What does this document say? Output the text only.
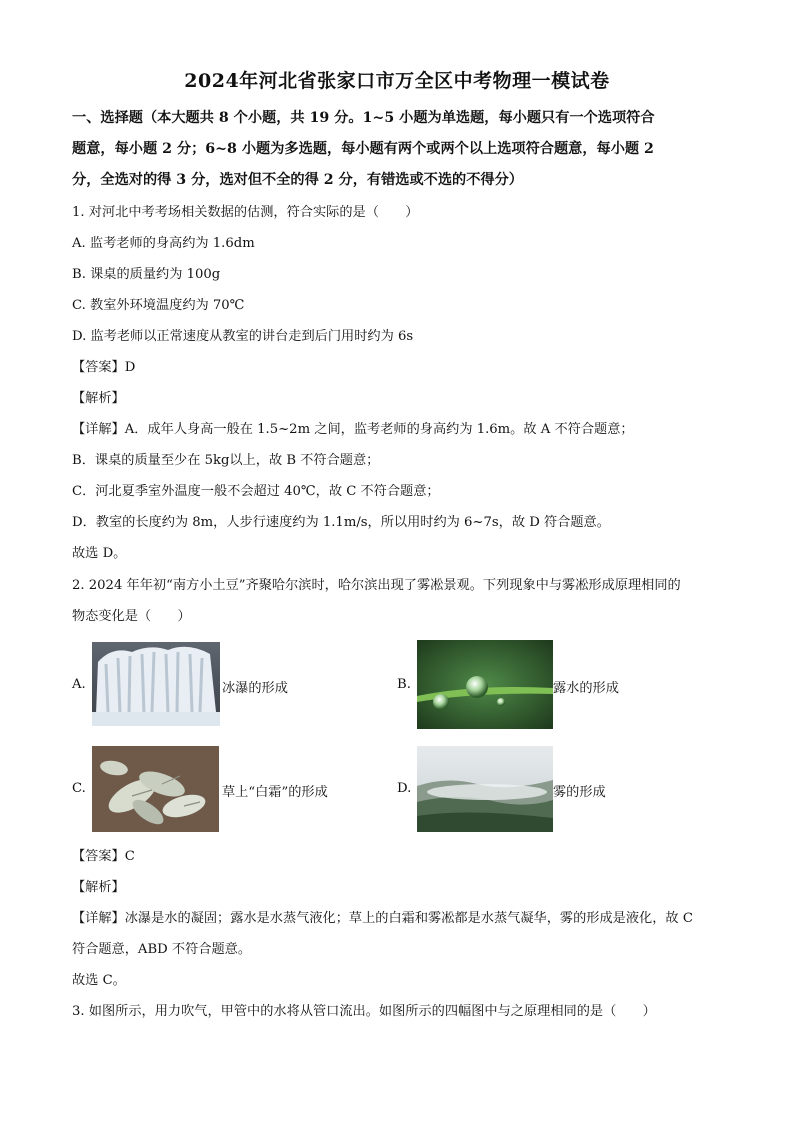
2024年河北省张家口市万全区中考物理一模试卷
一、选择题（本大题共 8 个小题，共 19 分。1~5 小题为单选题，每小题只有一个选项符合
题意，每小题 2 分；6~8 小题为多选题，每小题有两个或两个以上选项符合题意，每小题 2
分，全选对的得 3 分，选对但不全的得 2 分，有错选或不选的不得分）
1. 对河北中考考场相关数据的估测，符合实际的是（　　）
A. 监考老师的身高约为 1.6dm
B. 课桌的质量约为 100g
C. 教室外环境温度约为 70℃
D. 监考老师以正常速度从教室的讲台走到后门用时约为 6s
【答案】D
【解析】
【详解】A．成年人身高一般在 1.5~2m 之间，监考老师的身高约为 1.6m。故 A 不符合题意；
B．课桌的质量至少在 5kg以上，故 B 不符合题意；
C．河北夏季室外温度一般不会超过 40℃，故 C 不符合题意；
D．教室的长度约为 8m，人步行速度约为 1.1m/s，所以用时约为 6~7s，故 D 符合题意。
故选 D。
2. 2024 年年初“南方小土豆”齐聚哈尔滨时，哈尔滨出现了雾凇景观。下列现象中与雾凇形成原理相同的
物态变化是（　　）
A.	冰瀑的形成	B.	露水的形成
C.	草上“白霜”的形成	D.	雾的形成
【答案】C
【解析】
【详解】冰瀑是水的凝固；露水是水蒸气液化；草上的白霜和雾凇都是水蒸气凝华，雾的形成是液化，故 C
符合题意，ABD 不符合题意。
故选 C。
3. 如图所示，用力吹气，甲管中的水将从管口流出。如图所示的四幅图中与之原理相同的是（　　）
